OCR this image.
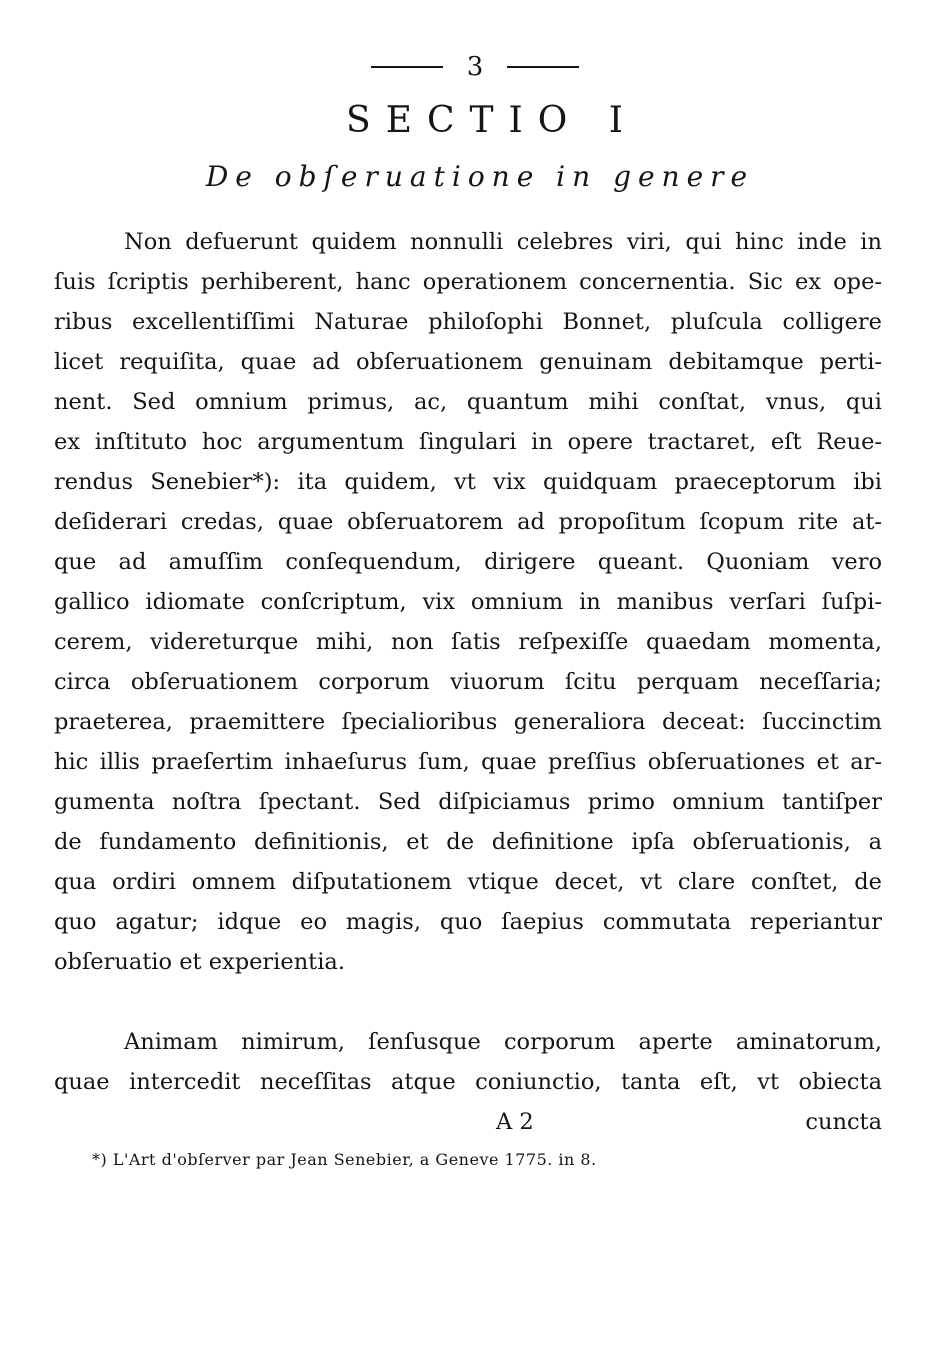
3
SECTIO I
De obſeruatione in genere
Non defuerunt quidem nonnulli celebres viri, qui hinc inde in
ſuis ſcriptis perhiberent, hanc operationem concernentia. Sic ex ope-
ribus excellentiſſimi Naturae philoſophi Bonnet, pluſcula colligere
licet requiſita, quae ad obſeruationem genuinam debitamque perti-
nent. Sed omnium primus, ac, quantum mihi conſtat, vnus, qui
ex inſtituto hoc argumentum ſingulari in opere tractaret, eſt Reue-
rendus Senebier*): ita quidem, vt vix quidquam praeceptorum ibi
deſiderari credas, quae obſeruatorem ad propoſitum ſcopum rite at-
que ad amuſſim conſequendum, dirigere queant. Quoniam vero
gallico idiomate conſcriptum, vix omnium in manibus verſari ſuſpi-
cerem, videreturque mihi, non ſatis reſpexiſſe quaedam momenta,
circa obſeruationem corporum viuorum ſcitu perquam neceſſaria;
praeterea, praemittere ſpecialioribus generaliora deceat: ſuccinctim
hic illis praeſertim inhaeſurus ſum, quae preſſius obſeruationes et ar-
gumenta noſtra ſpectant. Sed diſpiciamus primo omnium tantiſper
de fundamento definitionis, et de definitione ipſa obſeruationis, a
qua ordiri omnem diſputationem vtique decet, vt clare conſtet, de
quo agatur; idque eo magis, quo ſaepius commutata reperiantur
obſeruatio et experientia.
Animam nimirum, ſenſusque corporum aperte aminatorum,
quae intercedit neceſſitas atque coniunctio, tanta eſt, vt obiecta
A 2	cuncta
*) L'Art d'obſerver par Jean Senebier, a Geneve 1775. in 8.
